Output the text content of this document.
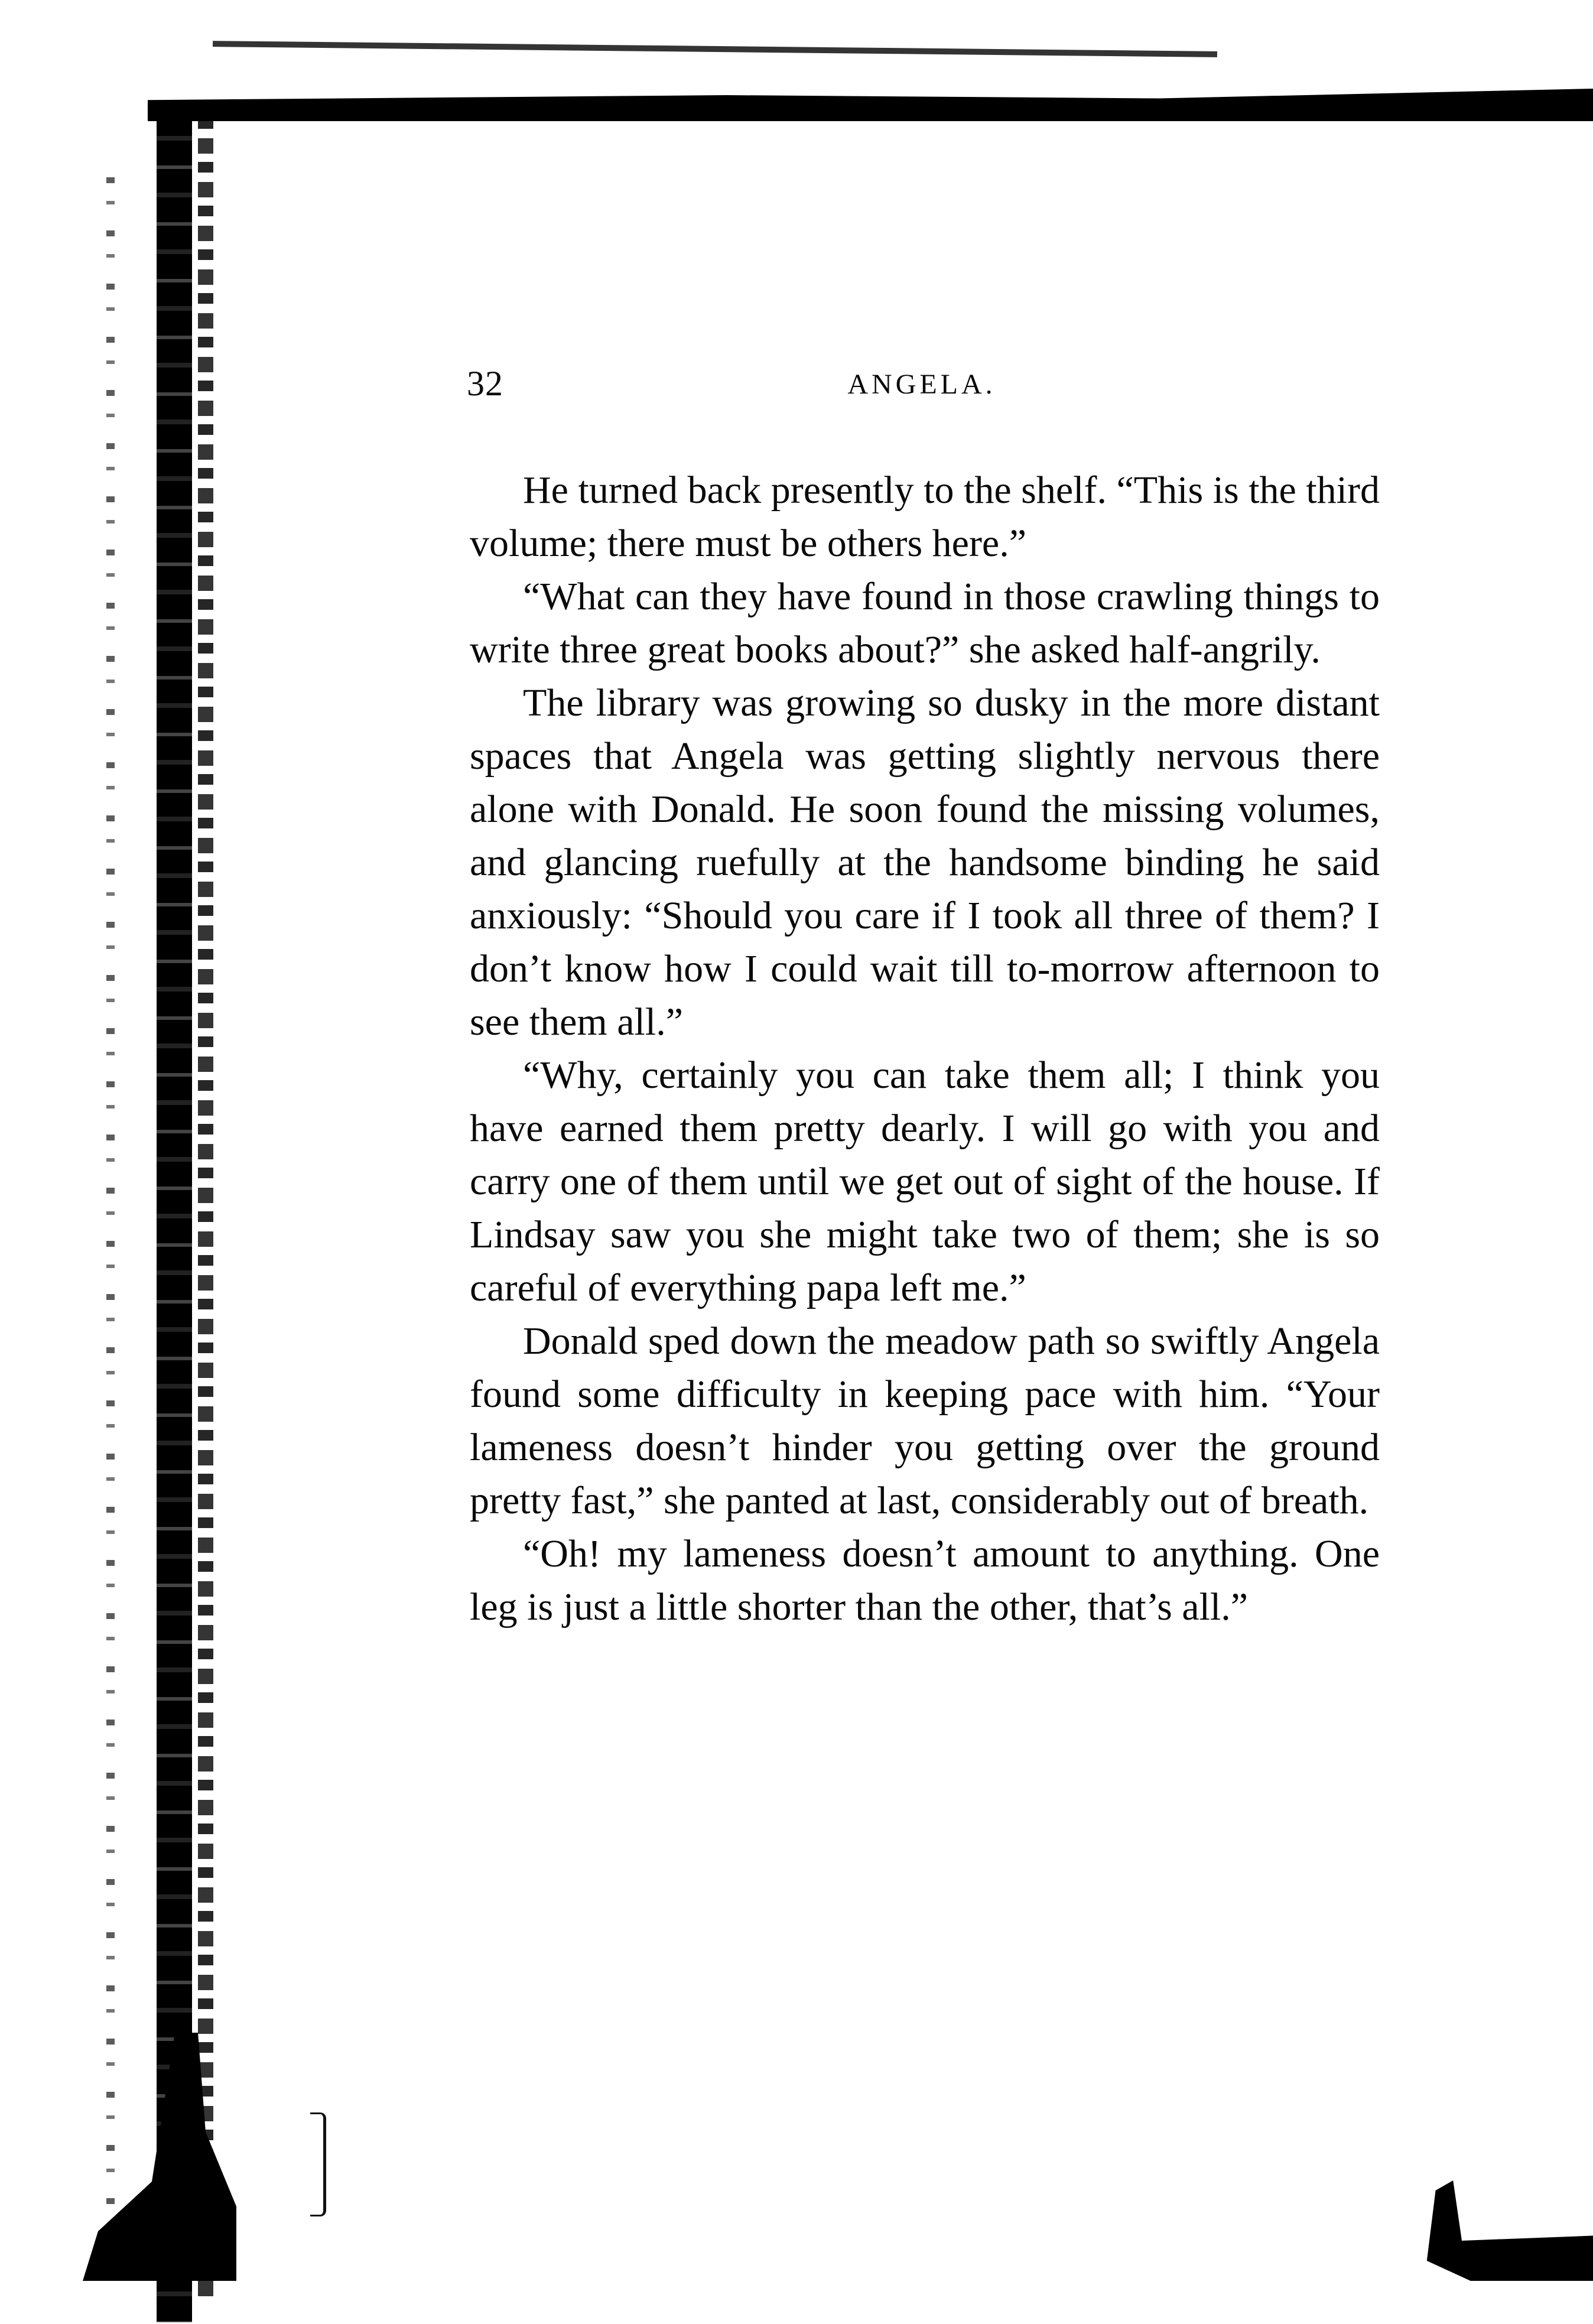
32	ANGELA.

He turned back presently to the shelf. “This is the third volume; there must be others here.”

“What can they have found in those crawling things to write three great books about?” she asked half-angrily.

The library was growing so dusky in the more distant spaces that Angela was getting slightly nervous there alone with Donald. He soon found the missing volumes, and glancing ruefully at the handsome binding he said anxiously: “Should you care if I took all three of them? I don’t know how I could wait till to-morrow afternoon to see them all.”

“Why, certainly you can take them all; I think you have earned them pretty dearly. I will go with you and carry one of them until we get out of sight of the house. If Lindsay saw you she might take two of them; she is so careful of everything papa left me.”

Donald sped down the meadow path so swiftly Angela found some difficulty in keeping pace with him. “Your lameness doesn’t hinder you getting over the ground pretty fast,” she panted at last, considerably out of breath.

“Oh! my lameness doesn’t amount to anything. One leg is just a little shorter than the other, that’s all.”
